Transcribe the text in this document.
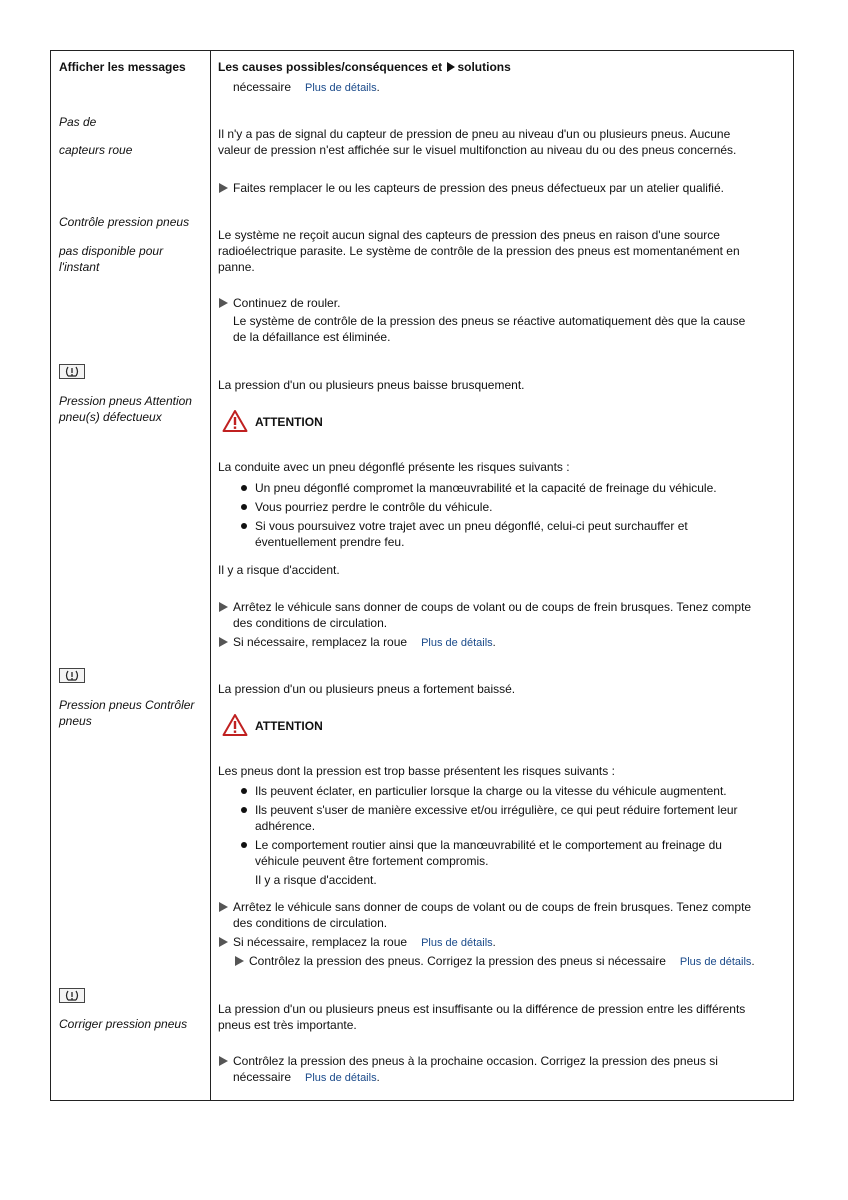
Afficher les messages	Les causes possibles/conséquences et solutions
nécessaire Plus de détails.
Pas de
capteurs roue
Il n'y a pas de signal du capteur de pression de pneu au niveau d'un ou plusieurs pneus. Aucune
valeur de pression n'est affichée sur le visuel multifonction au niveau du ou des pneus concernés.
Faites remplacer le ou les capteurs de pression des pneus défectueux par un atelier qualifié.
Contrôle pression pneus
pas disponible pour
l'instant
Le système ne reçoit aucun signal des capteurs de pression des pneus en raison d'une source
radioélectrique parasite. Le système de contrôle de la pression des pneus est momentanément en
panne.
Continuez de rouler.
Le système de contrôle de la pression des pneus se réactive automatiquement dès que la cause
de la défaillance est éliminée.
Pression pneus Attention
pneu(s) défectueux
La pression d'un ou plusieurs pneus baisse brusquement.
ATTENTION
La conduite avec un pneu dégonflé présente les risques suivants :
Un pneu dégonflé compromet la manœuvrabilité et la capacité de freinage du véhicule.
Vous pourriez perdre le contrôle du véhicule.
Si vous poursuivez votre trajet avec un pneu dégonflé, celui-ci peut surchauffer et
éventuellement prendre feu.
Il y a risque d'accident.
Arrêtez le véhicule sans donner de coups de volant ou de coups de frein brusques. Tenez compte
des conditions de circulation.
Si nécessaire, remplacez la roue Plus de détails.
Pression pneus Contrôler
pneus
La pression d'un ou plusieurs pneus a fortement baissé.
ATTENTION
Les pneus dont la pression est trop basse présentent les risques suivants :
Ils peuvent éclater, en particulier lorsque la charge ou la vitesse du véhicule augmentent.
Ils peuvent s'user de manière excessive et/ou irrégulière, ce qui peut réduire fortement leur
adhérence.
Le comportement routier ainsi que la manœuvrabilité et le comportement au freinage du
véhicule peuvent être fortement compromis.
Il y a risque d'accident.
Arrêtez le véhicule sans donner de coups de volant ou de coups de frein brusques. Tenez compte
des conditions de circulation.
Si nécessaire, remplacez la roue Plus de détails.
Contrôlez la pression des pneus. Corrigez la pression des pneus si nécessaire Plus de détails.
Corriger pression pneus
La pression d'un ou plusieurs pneus est insuffisante ou la différence de pression entre les différents
pneus est très importante.
Contrôlez la pression des pneus à la prochaine occasion. Corrigez la pression des pneus si
nécessaire Plus de détails.
